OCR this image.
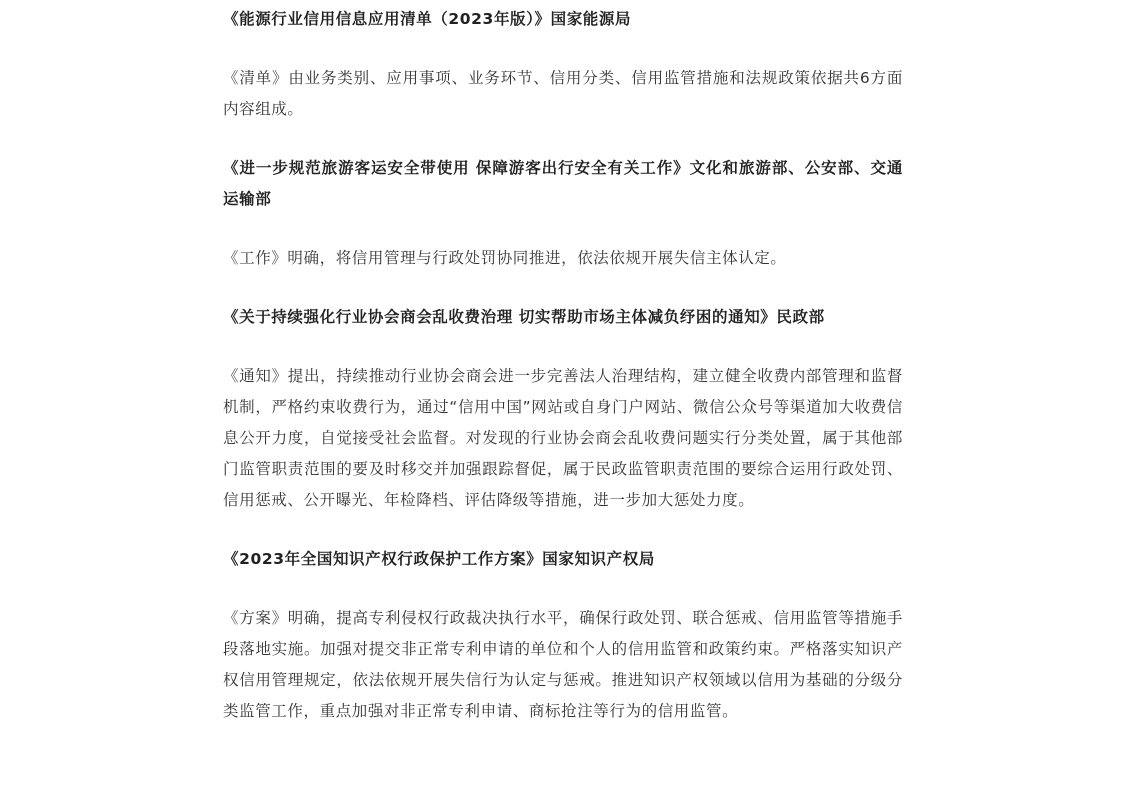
《能源行业信用信息应用清单（2023年版）》国家能源局

《清单》由业务类别、应用事项、业务环节、信用分类、信用监管措施和法规政策依据共6方面内容组成。

《进一步规范旅游客运安全带使用 保障游客出行安全有关工作》文化和旅游部、公安部、交通运输部

《工作》明确，将信用管理与行政处罚协同推进，依法依规开展失信主体认定。

《关于持续强化行业协会商会乱收费治理 切实帮助市场主体减负纾困的通知》民政部

《通知》提出，持续推动行业协会商会进一步完善法人治理结构，建立健全收费内部管理和监督机制，严格约束收费行为，通过“信用中国”网站或自身门户网站、微信公众号等渠道加大收费信息公开力度，自觉接受社会监督。对发现的行业协会商会乱收费问题实行分类处置，属于其他部门监管职责范围的要及时移交并加强跟踪督促，属于民政监管职责范围的要综合运用行政处罚、信用惩戒、公开曝光、年检降档、评估降级等措施，进一步加大惩处力度。

《2023年全国知识产权行政保护工作方案》国家知识产权局

《方案》明确，提高专利侵权行政裁决执行水平，确保行政处罚、联合惩戒、信用监管等措施手段落地实施。加强对提交非正常专利申请的单位和个人的信用监管和政策约束。严格落实知识产权信用管理规定，依法依规开展失信行为认定与惩戒。推进知识产权领域以信用为基础的分级分类监管工作，重点加强对非正常专利申请、商标抢注等行为的信用监管。
